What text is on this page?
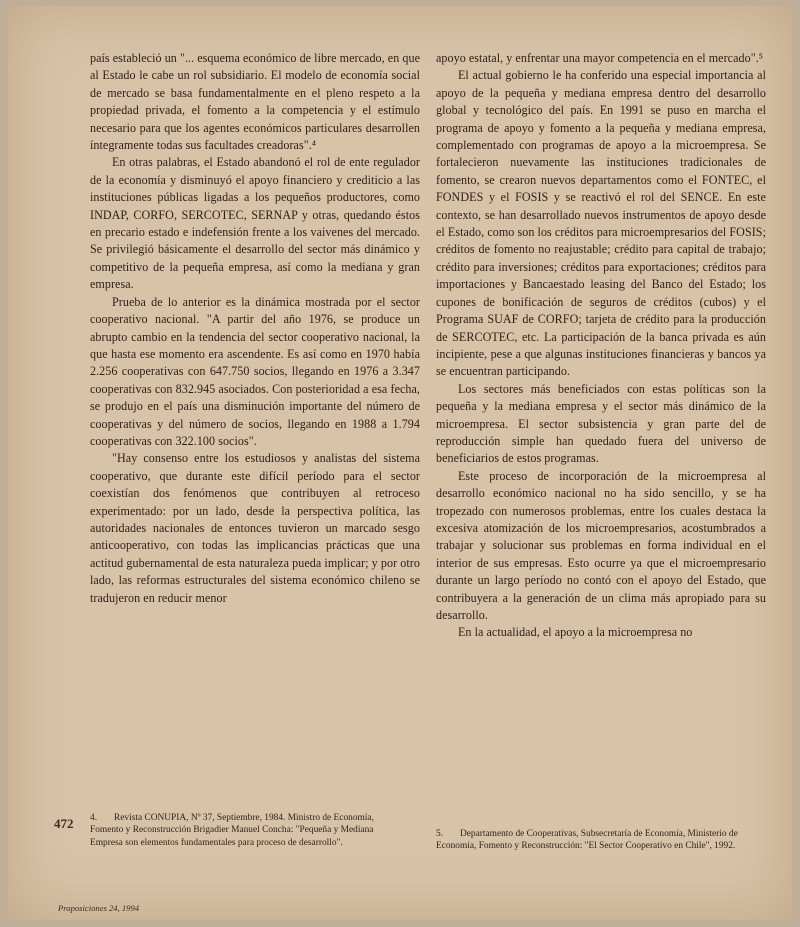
país estableció un "... esquema económico de libre mercado, en que al Estado le cabe un rol subsidiario. El modelo de economía social de mercado se basa fundamentalmente en el pleno respeto a la propiedad privada, el fomento a la competencia y el estímulo necesario para que los agentes económicos particulares desarrollen íntegramente todas sus facultades creadoras".⁴

En otras palabras, el Estado abandonó el rol de ente regulador de la economía y disminuyó el apoyo financiero y crediticio a las instituciones públicas ligadas a los pequeños productores, como INDAP, CORFO, SERCOTEC, SERNAP y otras, quedando éstos en precario estado e indefensión frente a los vaivenes del mercado. Se privilegió básicamente el desarrollo del sector más dinámico y competitivo de la pequeña empresa, así como la mediana y gran empresa.

Prueba de lo anterior es la dinámica mostrada por el sector cooperativo nacional. "A partir del año 1976, se produce un abrupto cambio en la tendencia del sector cooperativo nacional, la que hasta ese momento era ascendente. Es así como en 1970 había 2.256 cooperativas con 647.750 socios, llegando en 1976 a 3.347 cooperativas con 832.945 asociados. Con posterioridad a esa fecha, se produjo en el país una disminución importante del número de cooperativas y del número de socios, llegando en 1988 a 1.794 cooperativas con 322.100 socios".

"Hay consenso entre los estudiosos y analistas del sistema cooperativo, que durante este difícil período para el sector coexistían dos fenómenos que contribuyen al retroceso experimentado: por un lado, desde la perspectiva política, las autoridades nacionales de entonces tuvieron un marcado sesgo anticooperativo, con todas las implicancias prácticas que una actitud gubernamental de esta naturaleza pueda implicar; y por otro lado, las reformas estructurales del sistema económico chileno se tradujeron en reducir menor

apoyo estatal, y enfrentar una mayor competencia en el mercado".⁵

El actual gobierno le ha conferido una especial importancia al apoyo de la pequeña y mediana empresa dentro del desarrollo global y tecnológico del país. En 1991 se puso en marcha el programa de apoyo y fomento a la pequeña y mediana empresa, complementado con programas de apoyo a la microempresa. Se fortalecieron nuevamente las instituciones tradicionales de fomento, se crearon nuevos departamentos como el FONTEC, el FONDES y el FOSIS y se reactivó el rol del SENCE. En este contexto, se han desarrollado nuevos instrumentos de apoyo desde el Estado, como son los créditos para microempresarios del FOSIS; créditos de fomento no reajustable; crédito para capital de trabajo; crédito para inversiones; créditos para exportaciones; créditos para importaciones y Bancaestado leasing del Banco del Estado; los cupones de bonificación de seguros de créditos (cubos) y el Programa SUAF de CORFO; tarjeta de crédito para la producción de SERCOTEC, etc. La participación de la banca privada es aún incipiente, pese a que algunas instituciones financieras y bancos ya se encuentran participando.

Los sectores más beneficiados con estas políticas son la pequeña y la mediana empresa y el sector más dinámico de la microempresa. El sector subsistencia y gran parte del de reproducción simple han quedado fuera del universo de beneficiarios de estos programas.

Este proceso de incorporación de la microempresa al desarrollo económico nacional no ha sido sencillo, y se ha tropezado con numerosos problemas, entre los cuales destaca la excesiva atomización de los microempresarios, acostumbrados a trabajar y solucionar sus problemas en forma individual en el interior de sus empresas. Esto ocurre ya que el microempresario durante un largo período no contó con el apoyo del Estado, que contribuyera a la generación de un clima más apropiado para su desarrollo.

En la actualidad, el apoyo a la microempresa no

472 4. Revista CONUPIA, Nº 37, Septiembre, 1984. Ministro de Economía, Fomento y Reconstrucción Brigadier Manuel Concha: "Pequeña y Mediana Empresa son elementos fundamentales para proceso de desarrollo".
5. Departamento de Cooperativas, Subsecretaría de Economía, Ministerio de Economía, Fomento y Reconstrucción: "El Sector Cooperativo en Chile", 1992.
Proposiciones 24, 1994
